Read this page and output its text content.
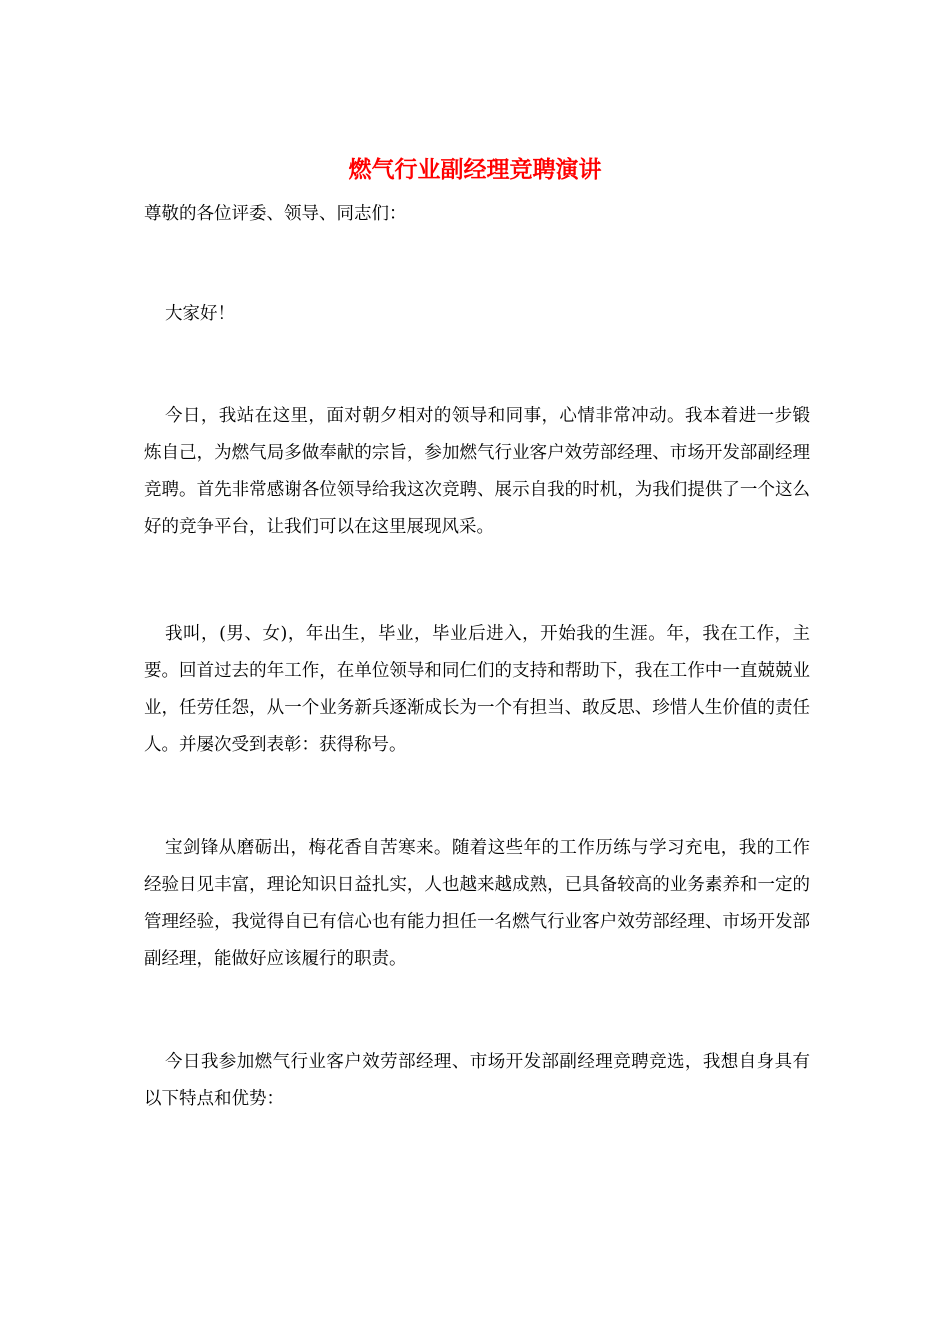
燃气行业副经理竞聘演讲

尊敬的各位评委、领导、同志们：

大家好！

今日，我站在这里，面对朝夕相对的领导和同事，心情非常冲动。我本着进一步锻炼自己，为燃气局多做奉献的宗旨，参加燃气行业客户效劳部经理、市场开发部副经理竞聘。首先非常感谢各位领导给我这次竞聘、展示自我的时机，为我们提供了一个这么好的竞争平台，让我们可以在这里展现风采。

我叫，(男、女)，年出生，毕业，毕业后进入，开始我的生涯。年，我在工作，主要。回首过去的年工作，在单位领导和同仁们的支持和帮助下，我在工作中一直兢兢业业，任劳任怨，从一个业务新兵逐渐成长为一个有担当、敢反思、珍惜人生价值的责任人。并屡次受到表彰：获得称号。

宝剑锋从磨砺出，梅花香自苦寒来。随着这些年的工作历练与学习充电，我的工作经验日见丰富，理论知识日益扎实，人也越来越成熟，已具备较高的业务素养和一定的管理经验，我觉得自已有信心也有能力担任一名燃气行业客户效劳部经理、市场开发部副经理，能做好应该履行的职责。

今日我参加燃气行业客户效劳部经理、市场开发部副经理竞聘竞选，我想自身具有以下特点和优势：
